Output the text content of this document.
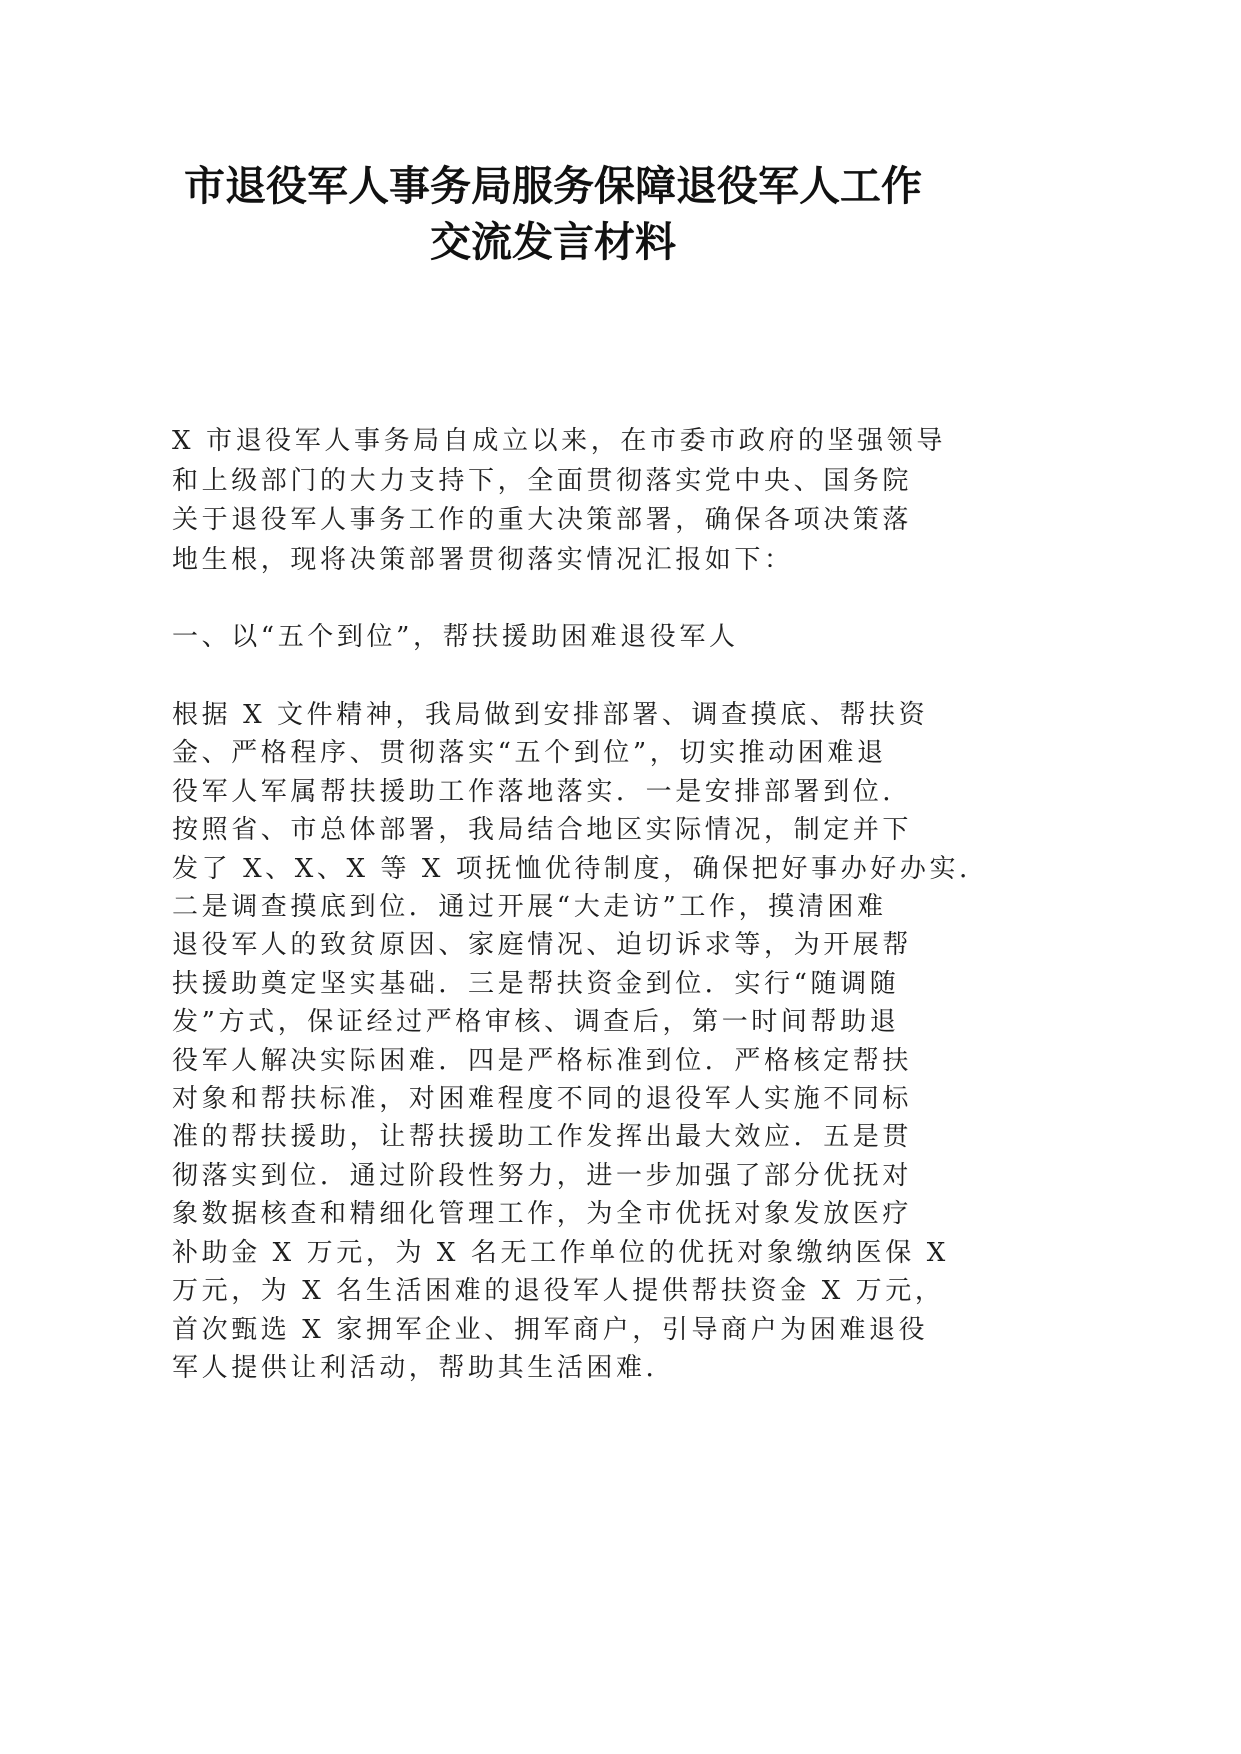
市退役军人事务局服务保障退役军人工作
交流发言材料
X 市退役军人事务局自成立以来，在市委市政府的坚强领导
和上级部门的大力支持下，全面贯彻落实党中央、国务院
关于退役军人事务工作的重大决策部署，确保各项决策落
地生根，现将决策部署贯彻落实情况汇报如下：
一、以“五个到位”，帮扶援助困难退役军人
根据 X 文件精神，我局做到安排部署、调查摸底、帮扶资
金、严格程序、贯彻落实“五个到位”，切实推动困难退
役军人军属帮扶援助工作落地落实．一是安排部署到位．
按照省、市总体部署，我局结合地区实际情况，制定并下
发了 X、X、X 等 X 项抚恤优待制度，确保把好事办好办实．
二是调查摸底到位．通过开展“大走访”工作，摸清困难
退役军人的致贫原因、家庭情况、迫切诉求等，为开展帮
扶援助奠定坚实基础．三是帮扶资金到位．实行“随调随
发”方式，保证经过严格审核、调查后，第一时间帮助退
役军人解决实际困难．四是严格标准到位．严格核定帮扶
对象和帮扶标准，对困难程度不同的退役军人实施不同标
准的帮扶援助，让帮扶援助工作发挥出最大效应．五是贯
彻落实到位．通过阶段性努力，进一步加强了部分优抚对
象数据核查和精细化管理工作，为全市优抚对象发放医疗
补助金 X 万元，为 X 名无工作单位的优抚对象缴纳医保 X
万元，为 X 名生活困难的退役军人提供帮扶资金 X 万元，
首次甄选 X 家拥军企业、拥军商户，引导商户为困难退役
军人提供让利活动，帮助其生活困难．
